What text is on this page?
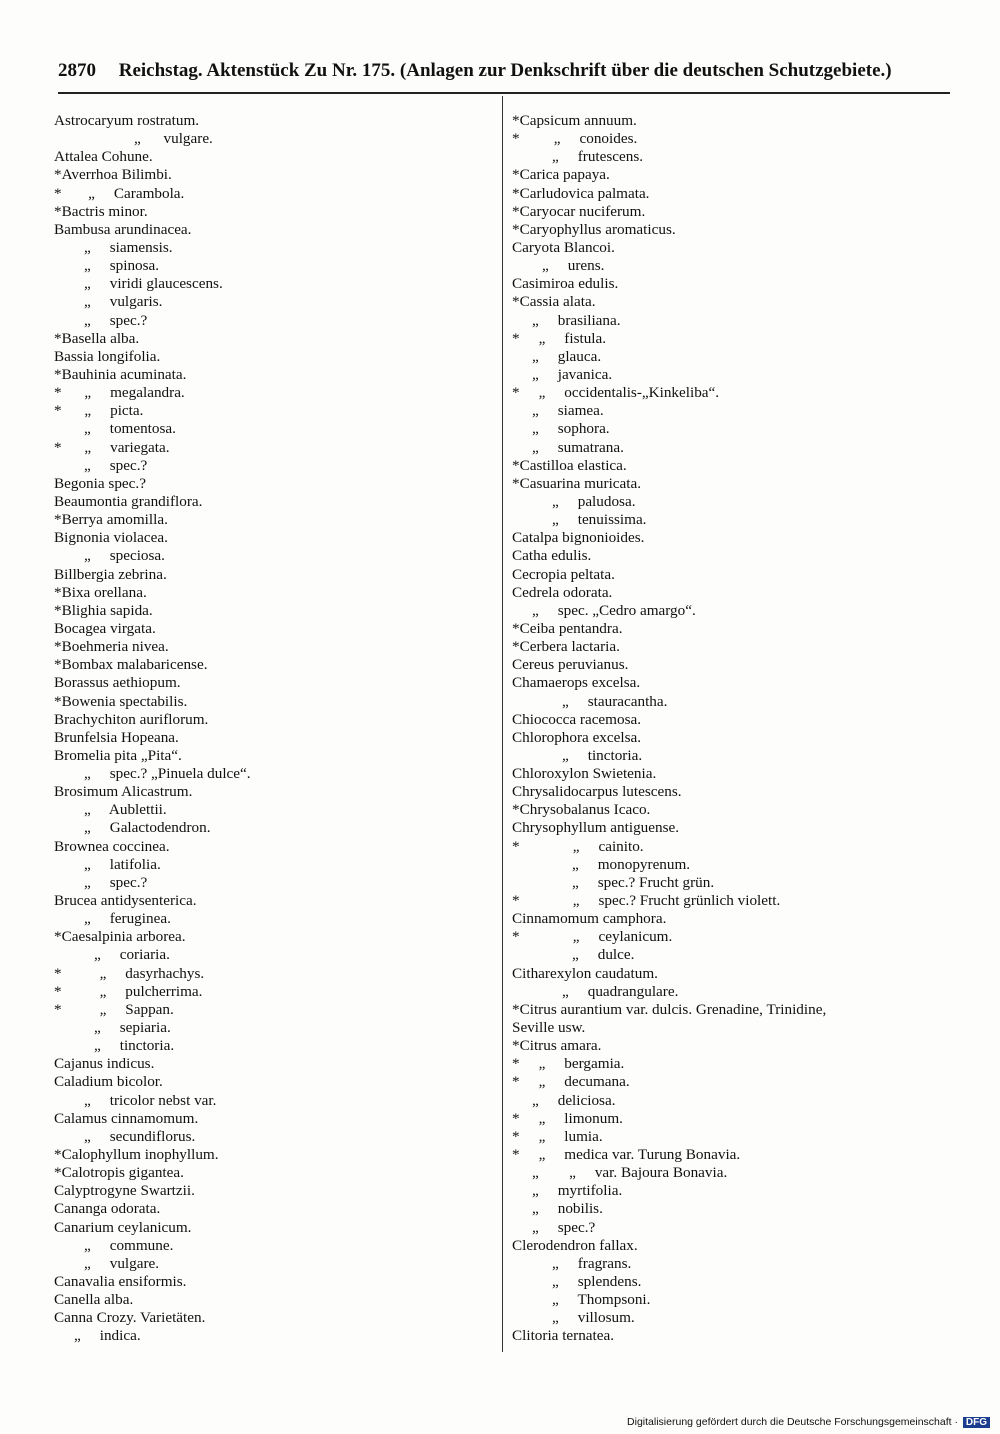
2870 Reichstag. Aktenstück Zu Nr. 175. (Anlagen zur Denkschrift über die deutschen Schutzgebiete.)
Astrocaryum rostratum.
„      vulgare.
Attalea Cohune.
*Averrhoa Bilimbi.
*       „     Carambola.
*Bactris minor.
Bambusa arundinacea.
„     siamensis.
„     spinosa.
„     viridi glaucescens.
„     vulgaris.
„     spec.?
*Basella alba.
Bassia longifolia.
*Bauhinia acuminata.
*      „     megalandra.
*      „     picta.
„     tomentosa.
*      „     variegata.
„     spec.?
Begonia spec.?
Beaumontia grandiflora.
*Berrya amomilla.
Bignonia violacea.
„     speciosa.
Billbergia zebrina.
*Bixa orellana.
*Blighia sapida.
Bocagea virgata.
*Boehmeria nivea.
*Bombax malabaricense.
Borassus aethiopum.
*Bowenia spectabilis.
Brachychiton auriflorum.
Brunfelsia Hopeana.
Bromelia pita „Pita“.
„     spec.? „Pinuela dulce“.
Brosimum Alicastrum.
„     Aublettii.
„     Galactodendron.
Brownea coccinea.
„     latifolia.
„     spec.?
Brucea antidysenterica.
„     feruginea.
*Caesalpinia arborea.
„     coriaria.
*          „     dasyrhachys.
*          „     pulcherrima.
*          „     Sappan.
„     sepiaria.
„     tinctoria.
Cajanus indicus.
Caladium bicolor.
„     tricolor nebst var.
Calamus cinnamomum.
„     secundiflorus.
*Calophyllum inophyllum.
*Calotropis gigantea.
Calyptrogyne Swartzii.
Cananga odorata.
Canarium ceylanicum.
„     commune.
„     vulgare.
Canavalia ensiformis.
Canella alba.
Canna Crozy. Varietäten.
„     indica.
*Capsicum annuum.
*         „     conoides.
„     frutescens.
*Carica papaya.
*Carludovica palmata.
*Caryocar nuciferum.
*Caryophyllus aromaticus.
Caryota Blancoi.
„     urens.
Casimiroa edulis.
*Cassia alata.
„     brasiliana.
*     „     fistula.
„     glauca.
„     javanica.
*     „     occidentalis-„Kinkeliba“.
„     siamea.
„     sophora.
„     sumatrana.
*Castilloa elastica.
*Casuarina muricata.
„     paludosa.
„     tenuissima.
Catalpa bignonioides.
Catha edulis.
Cecropia peltata.
Cedrela odorata.
„     spec. „Cedro amargo“.
*Ceiba pentandra.
*Cerbera lactaria.
Cereus peruvianus.
Chamaerops excelsa.
„     stauracantha.
Chiococca racemosa.
Chlorophora excelsa.
„     tinctoria.
Chloroxylon Swietenia.
Chrysalidocarpus lutescens.
*Chrysobalanus Icaco.
Chrysophyllum antiguense.
*              „     cainito.
„     monopyrenum.
„     spec.? Frucht grün.
*              „     spec.? Frucht grünlich violett.
Cinnamomum camphora.
*              „     ceylanicum.
„     dulce.
Citharexylon caudatum.
„     quadrangulare.
*Citrus aurantium var. dulcis. Grenadine, Trinidine,
Seville usw.
*Citrus amara.
*     „     bergamia.
*     „     decumana.
„     deliciosa.
*     „     limonum.
*     „     lumia.
*     „     medica var. Turung Bonavia.
„        „     var. Bajoura Bonavia.
„     myrtifolia.
„     nobilis.
„     spec.?
Clerodendron fallax.
„     fragrans.
„     splendens.
„     Thompsoni.
„     villosum.
Clitoria ternatea.
Digitalisierung gefördert durch die Deutsche Forschungsgemeinschaft · DFG
